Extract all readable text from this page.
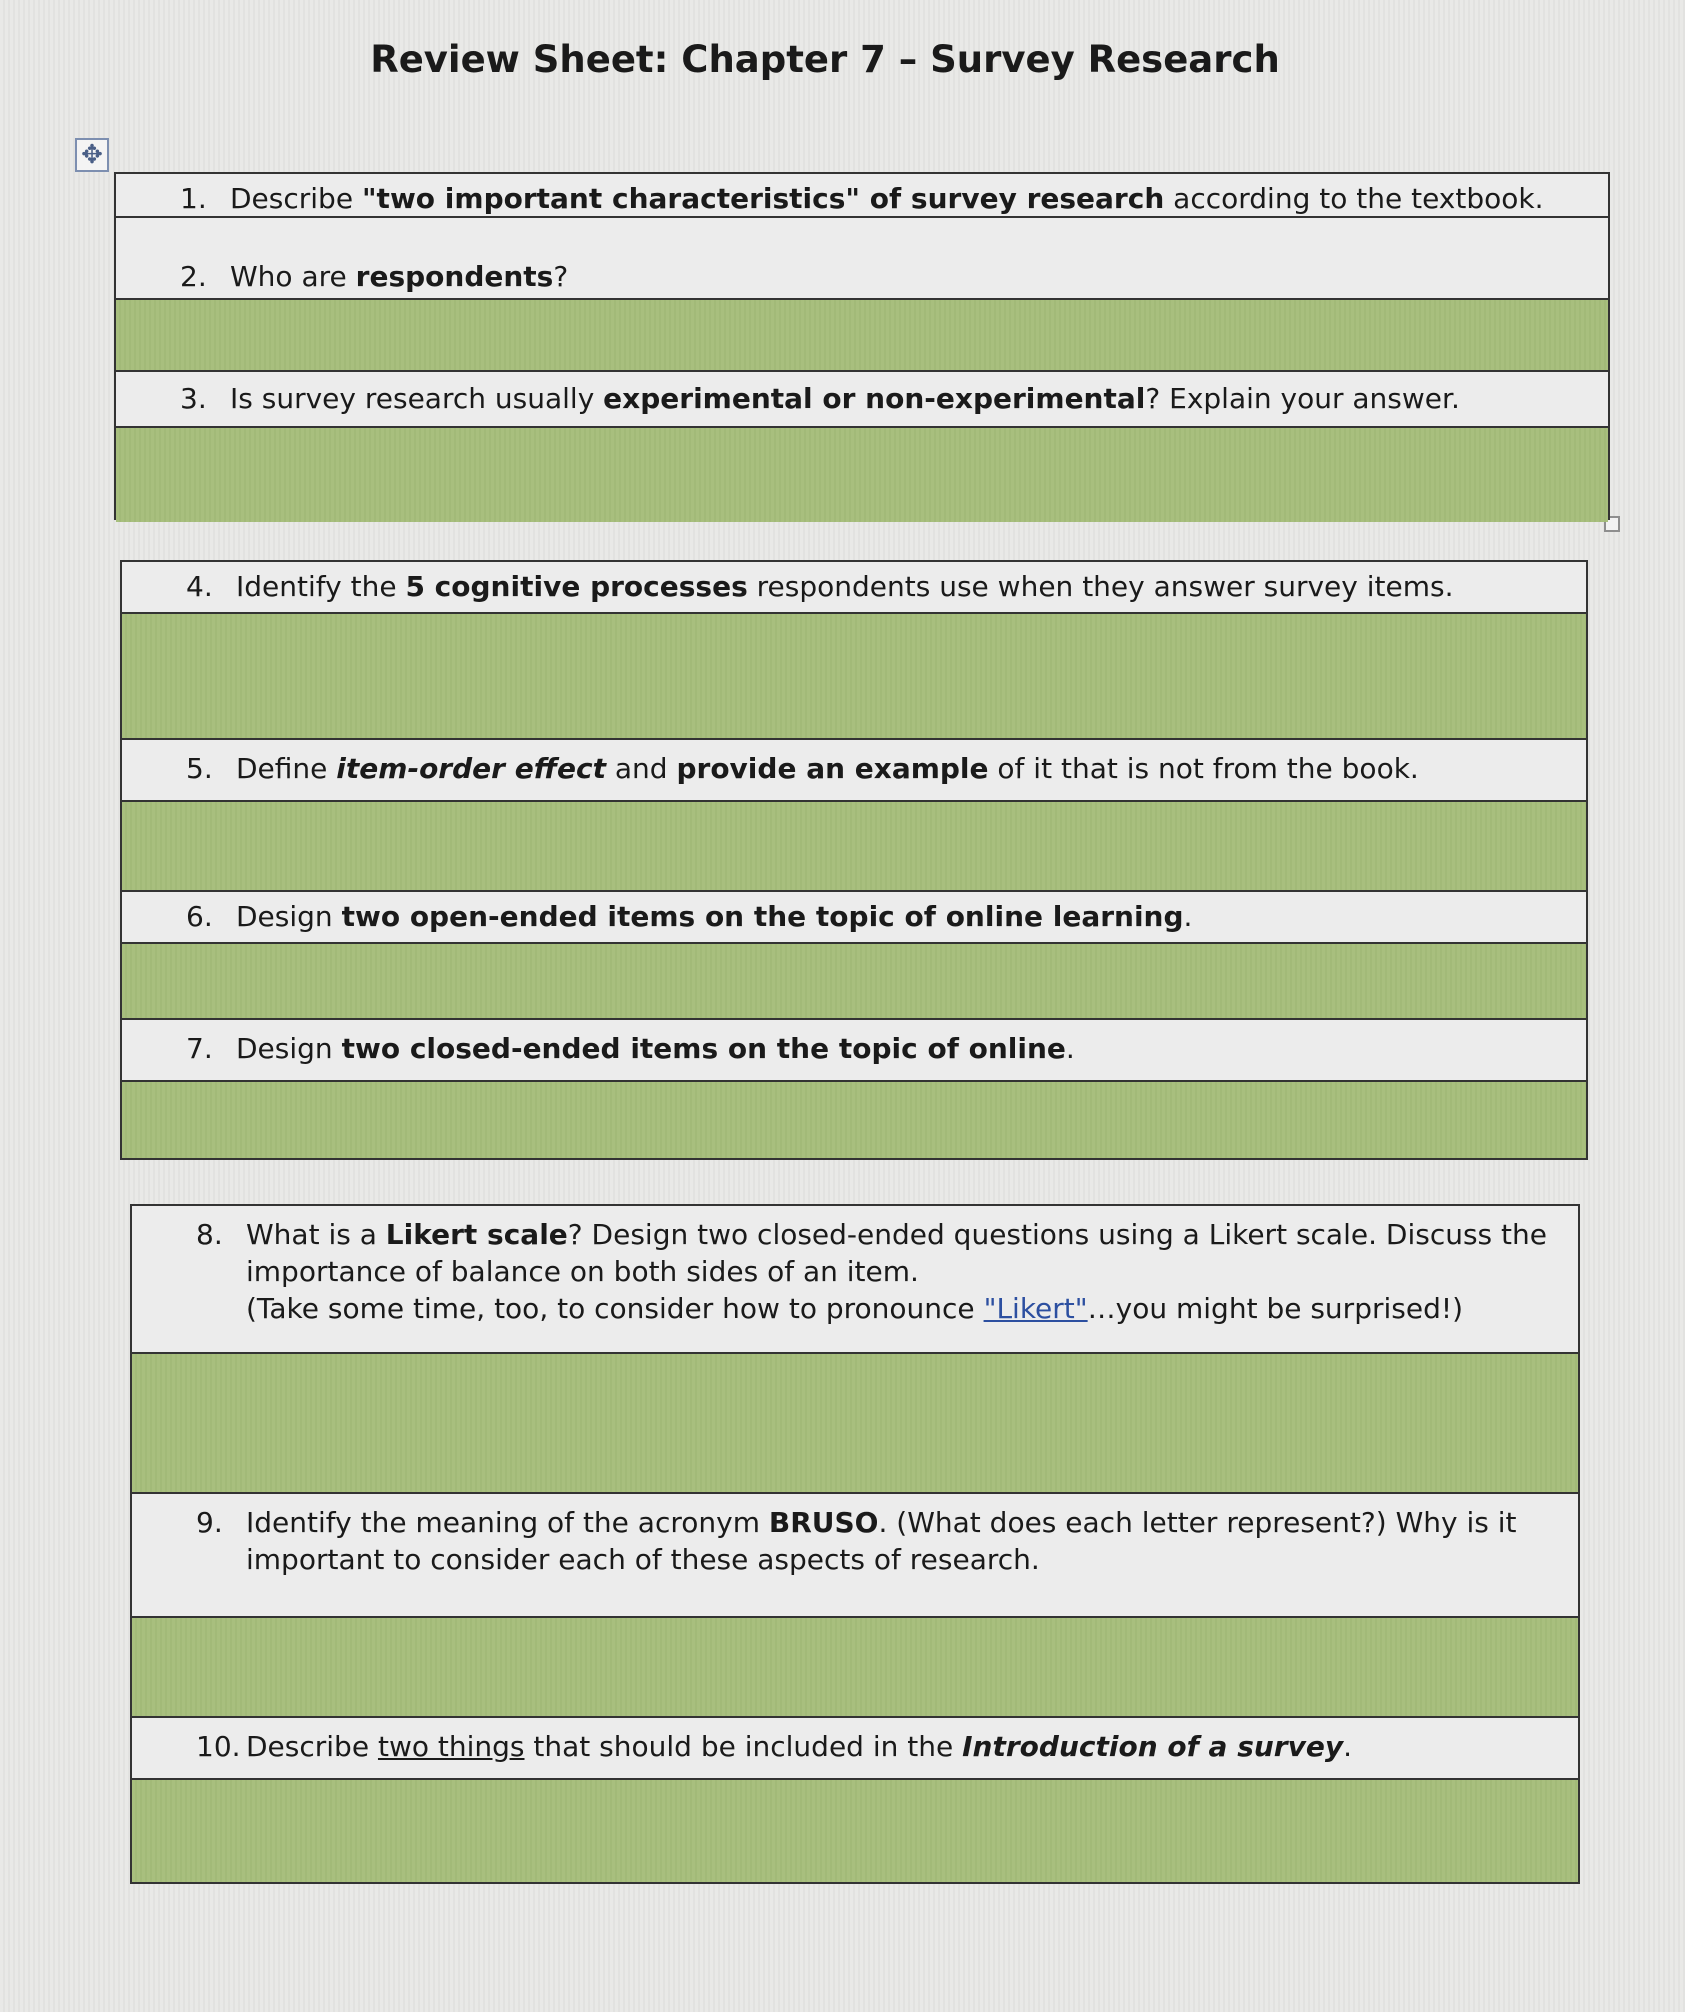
Review Sheet: Chapter 7 – Survey Research
✥
1. Describe "two important characteristics" of survey research according to the textbook.
2. Who are respondents?
3. Is survey research usually experimental or non-experimental? Explain your answer.
4. Identify the 5 cognitive processes respondents use when they answer survey items.
5. Define item-order effect and provide an example of it that is not from the book.
6. Design two open-ended items on the topic of online learning.
7. Design two closed-ended items on the topic of online.
8. What is a Likert scale? Design two closed-ended questions using a Likert scale. Discuss the importance of balance on both sides of an item.
(Take some time, too, to consider how to pronounce "Likert"…you might be surprised!)
9. Identify the meaning of the acronym BRUSO. (What does each letter represent?) Why is it important to consider each of these aspects of research.
10. Describe two things that should be included in the Introduction of a survey.
